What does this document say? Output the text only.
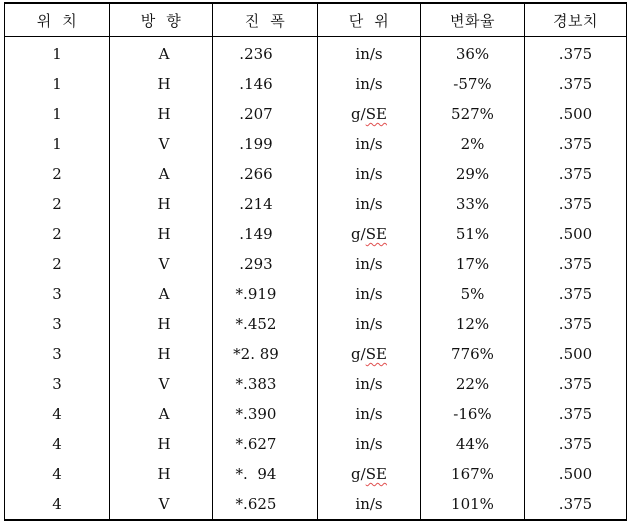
위  치	방  향	진  폭	단  위	변화율	경보치
1	A	.236	in/s	36%	.375
1	H	.146	in/s	-57%	.375
1	H	.207	g/SE	527%	.500
1	V	.199	in/s	2%	.375
2	A	.266	in/s	29%	.375
2	H	.214	in/s	33%	.375
2	H	.149	g/SE	51%	.500
2	V	.293	in/s	17%	.375
3	A	*.919	in/s	5%	.375
3	H	*.452	in/s	12%	.375
3	H	*2. 89	g/SE	776%	.500
3	V	*.383	in/s	22%	.375
4	A	*.390	in/s	-16%	.375
4	H	*.627	in/s	44%	.375
4	H	*.  94	g/SE	167%	.500
4	V	*.625	in/s	101%	.375
